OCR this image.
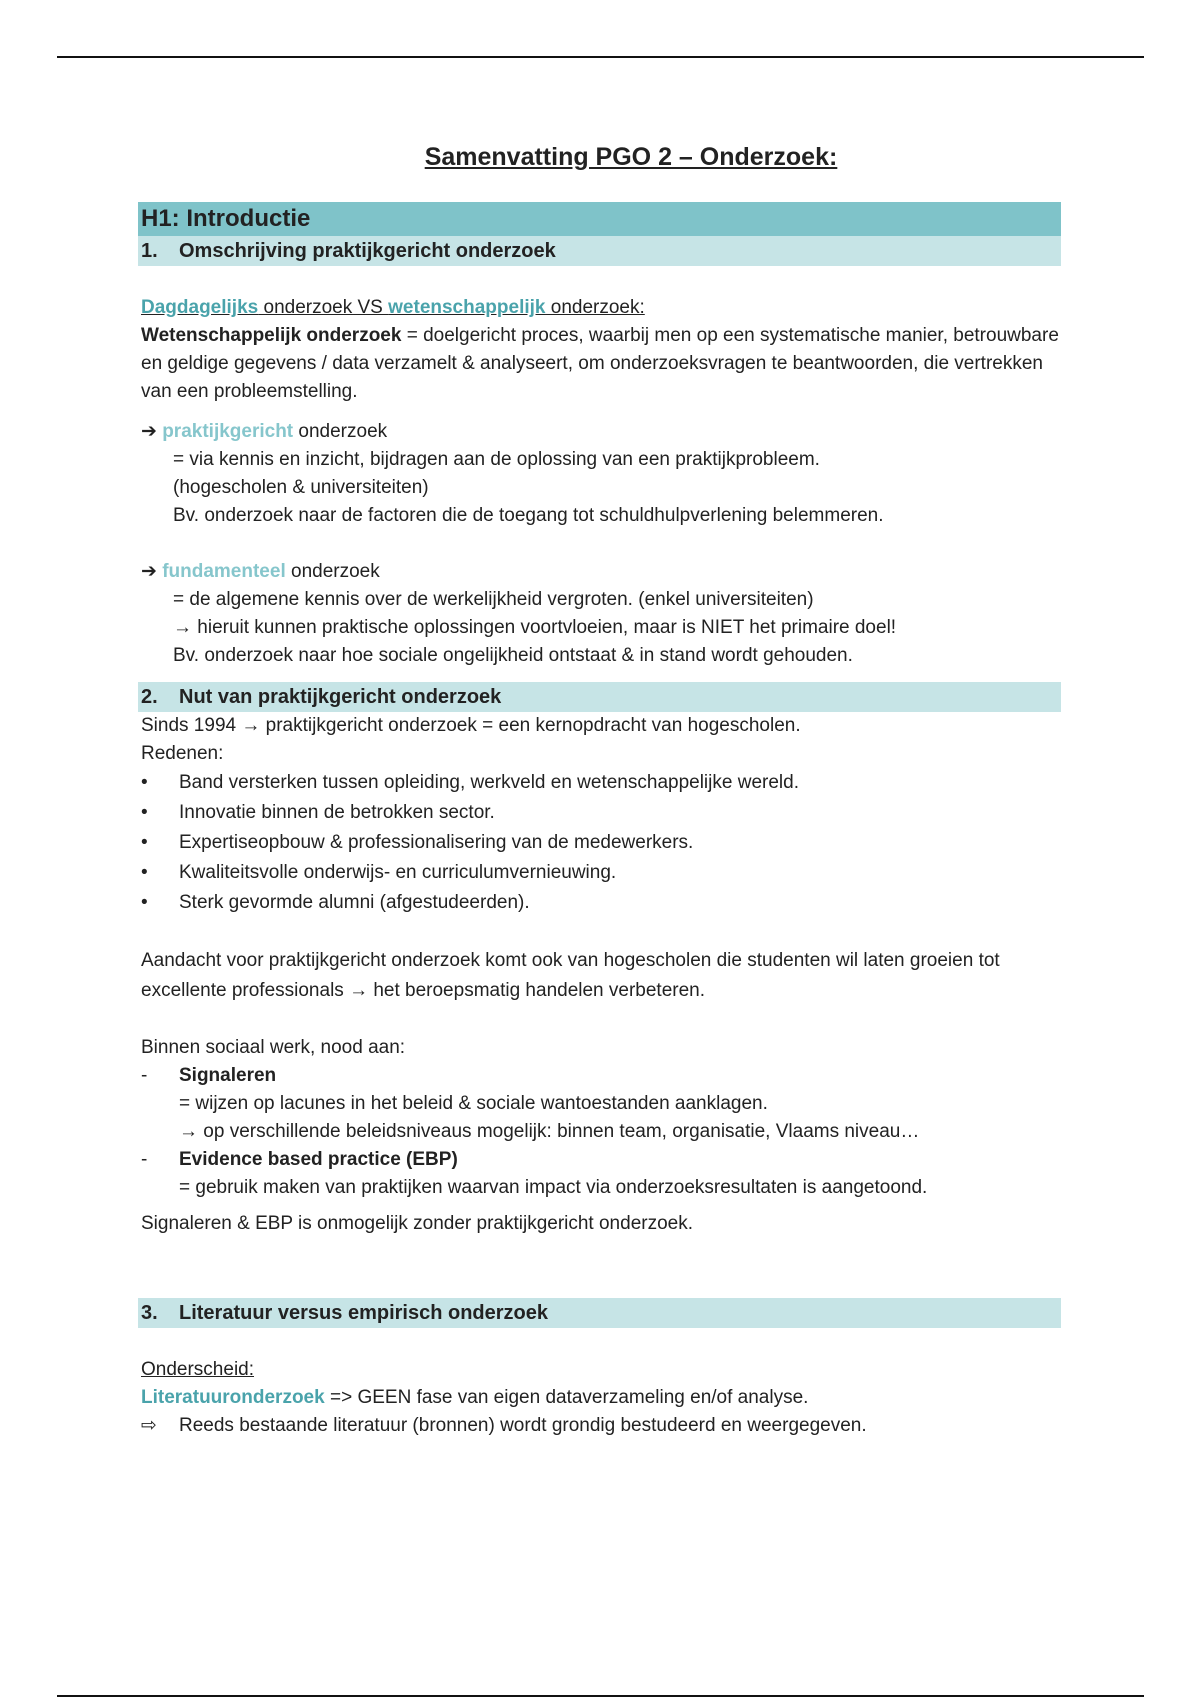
Samenvatting PGO 2 – Onderzoek:
H1: Introductie
1.	Omschrijving praktijkgericht onderzoek

Dagdagelijks onderzoek VS wetenschappelijk onderzoek:

Wetenschappelijk onderzoek = doelgericht proces, waarbij men op een systematische manier, betrouwbare en geldige gegevens / data verzamelt & analyseert, om onderzoeksvragen te beantwoorden, die vertrekken van een probleemstelling.

➔ praktijkgericht onderzoek

= via kennis en inzicht, bijdragen aan de oplossing van een praktijkprobleem.

(hogescholen & universiteiten)

Bv. onderzoek naar de factoren die de toegang tot schuldhulpverlening belemmeren.

➔ fundamenteel onderzoek

= de algemene kennis over de werkelijkheid vergroten. (enkel universiteiten)

→ hieruit kunnen praktische oplossingen voortvloeien, maar is NIET het primaire doel!

Bv. onderzoek naar hoe sociale ongelijkheid ontstaat & in stand wordt gehouden.

2.	Nut van praktijkgericht onderzoek

Sinds 1994 → praktijkgericht onderzoek = een kernopdracht van hogescholen.

Redenen:

•	Band versterken tussen opleiding, werkveld en wetenschappelijke wereld.
•	Innovatie binnen de betrokken sector.
•	Expertiseopbouw & professionalisering van de medewerkers.
•	Kwaliteitsvolle onderwijs- en curriculumvernieuwing.
•	Sterk gevormde alumni (afgestudeerden).

Aandacht voor praktijkgericht onderzoek komt ook van hogescholen die studenten wil laten groeien tot excellente professionals → het beroepsmatig handelen verbeteren.

Binnen sociaal werk, nood aan:

-	Signaleren

= wijzen op lacunes in het beleid & sociale wantoestanden aanklagen.

→ op verschillende beleidsniveaus mogelijk: binnen team, organisatie, Vlaams niveau…

-	Evidence based practice (EBP)

= gebruik maken van praktijken waarvan impact via onderzoeksresultaten is aangetoond.

Signaleren & EBP is onmogelijk zonder praktijkgericht onderzoek.

3.	Literatuur versus empirisch onderzoek

Onderscheid:

Literatuuronderzoek => GEEN fase van eigen dataverzameling en/of analyse.

⇨	Reeds bestaande literatuur (bronnen) wordt grondig bestudeerd en weergegeven.
